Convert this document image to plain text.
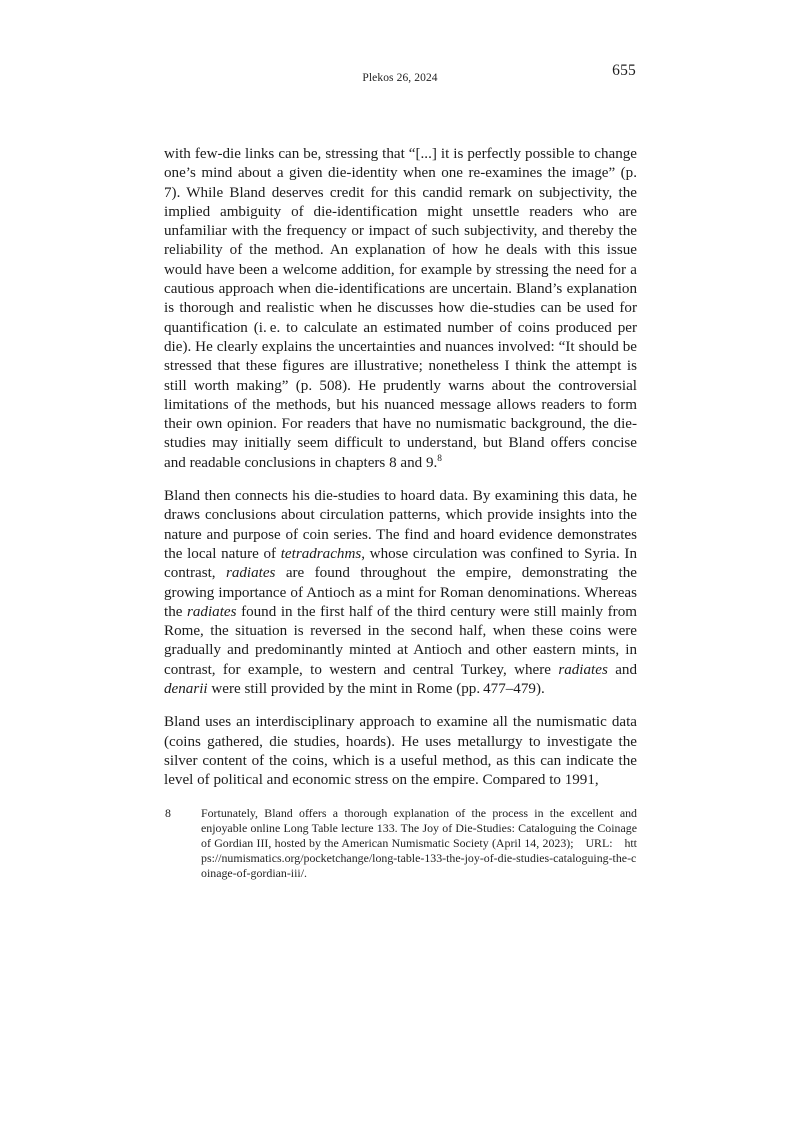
Plekos 26, 2024	655

with few-die links can be, stressing that “[...] it is perfectly possible to change one’s mind about a given die-identity when one re-examines the image” (p. 7). While Bland deserves credit for this candid remark on subjectivity, the implied ambiguity of die-identification might unsettle readers who are unfamiliar with the frequency or impact of such subjectivity, and thereby the reliability of the method. An explanation of how he deals with this issue would have been a welcome addition, for example by stressing the need for a cautious approach when die-identifications are uncertain. Bland’s explanation is thorough and realistic when he discusses how die-studies can be used for quantification (i. e. to calculate an estimated number of coins produced per die). He clearly explains the uncertainties and nuances involved: “It should be stressed that these figures are illustrative; nonetheless I think the attempt is still worth making” (p. 508). He prudently warns about the controversial limitations of the methods, but his nuanced message allows readers to form their own opinion. For readers that have no numismatic background, the die-studies may initially seem difficult to understand, but Bland offers concise and readable conclusions in chapters 8 and 9.$^8$

Bland then connects his die-studies to hoard data. By examining this data, he draws conclusions about circulation patterns, which provide insights into the nature and purpose of coin series. The find and hoard evidence demonstrates the local nature of tetradrachms, whose circulation was confined to Syria. In contrast, radiates are found throughout the empire, demonstrating the growing importance of Antioch as a mint for Roman denominations. Whereas the radiates found in the first half of the third century were still mainly from Rome, the situation is reversed in the second half, when these coins were gradually and predominantly minted at Antioch and other eastern mints, in contrast, for example, to western and central Turkey, where radiates and denarii were still provided by the mint in Rome (pp. 477–479).

Bland uses an interdisciplinary approach to examine all the numismatic data (coins gathered, die studies, hoards). He uses metallurgy to investigate the silver content of the coins, which is a useful method, as this can indicate the level of political and economic stress on the empire. Compared to 1991,

8	Fortunately, Bland offers a thorough explanation of the process in the excellent and enjoyable online Long Table lecture 133. The Joy of Die-Studies: Cataloguing the Coinage of Gordian III, hosted by the American Numismatic Society (April 14, 2023); URL: https://numismatics.org/pocketchange/long-table-133-the-joy-of-die-studies-cataloguing-the-coinage-of-gordian-iii/.
